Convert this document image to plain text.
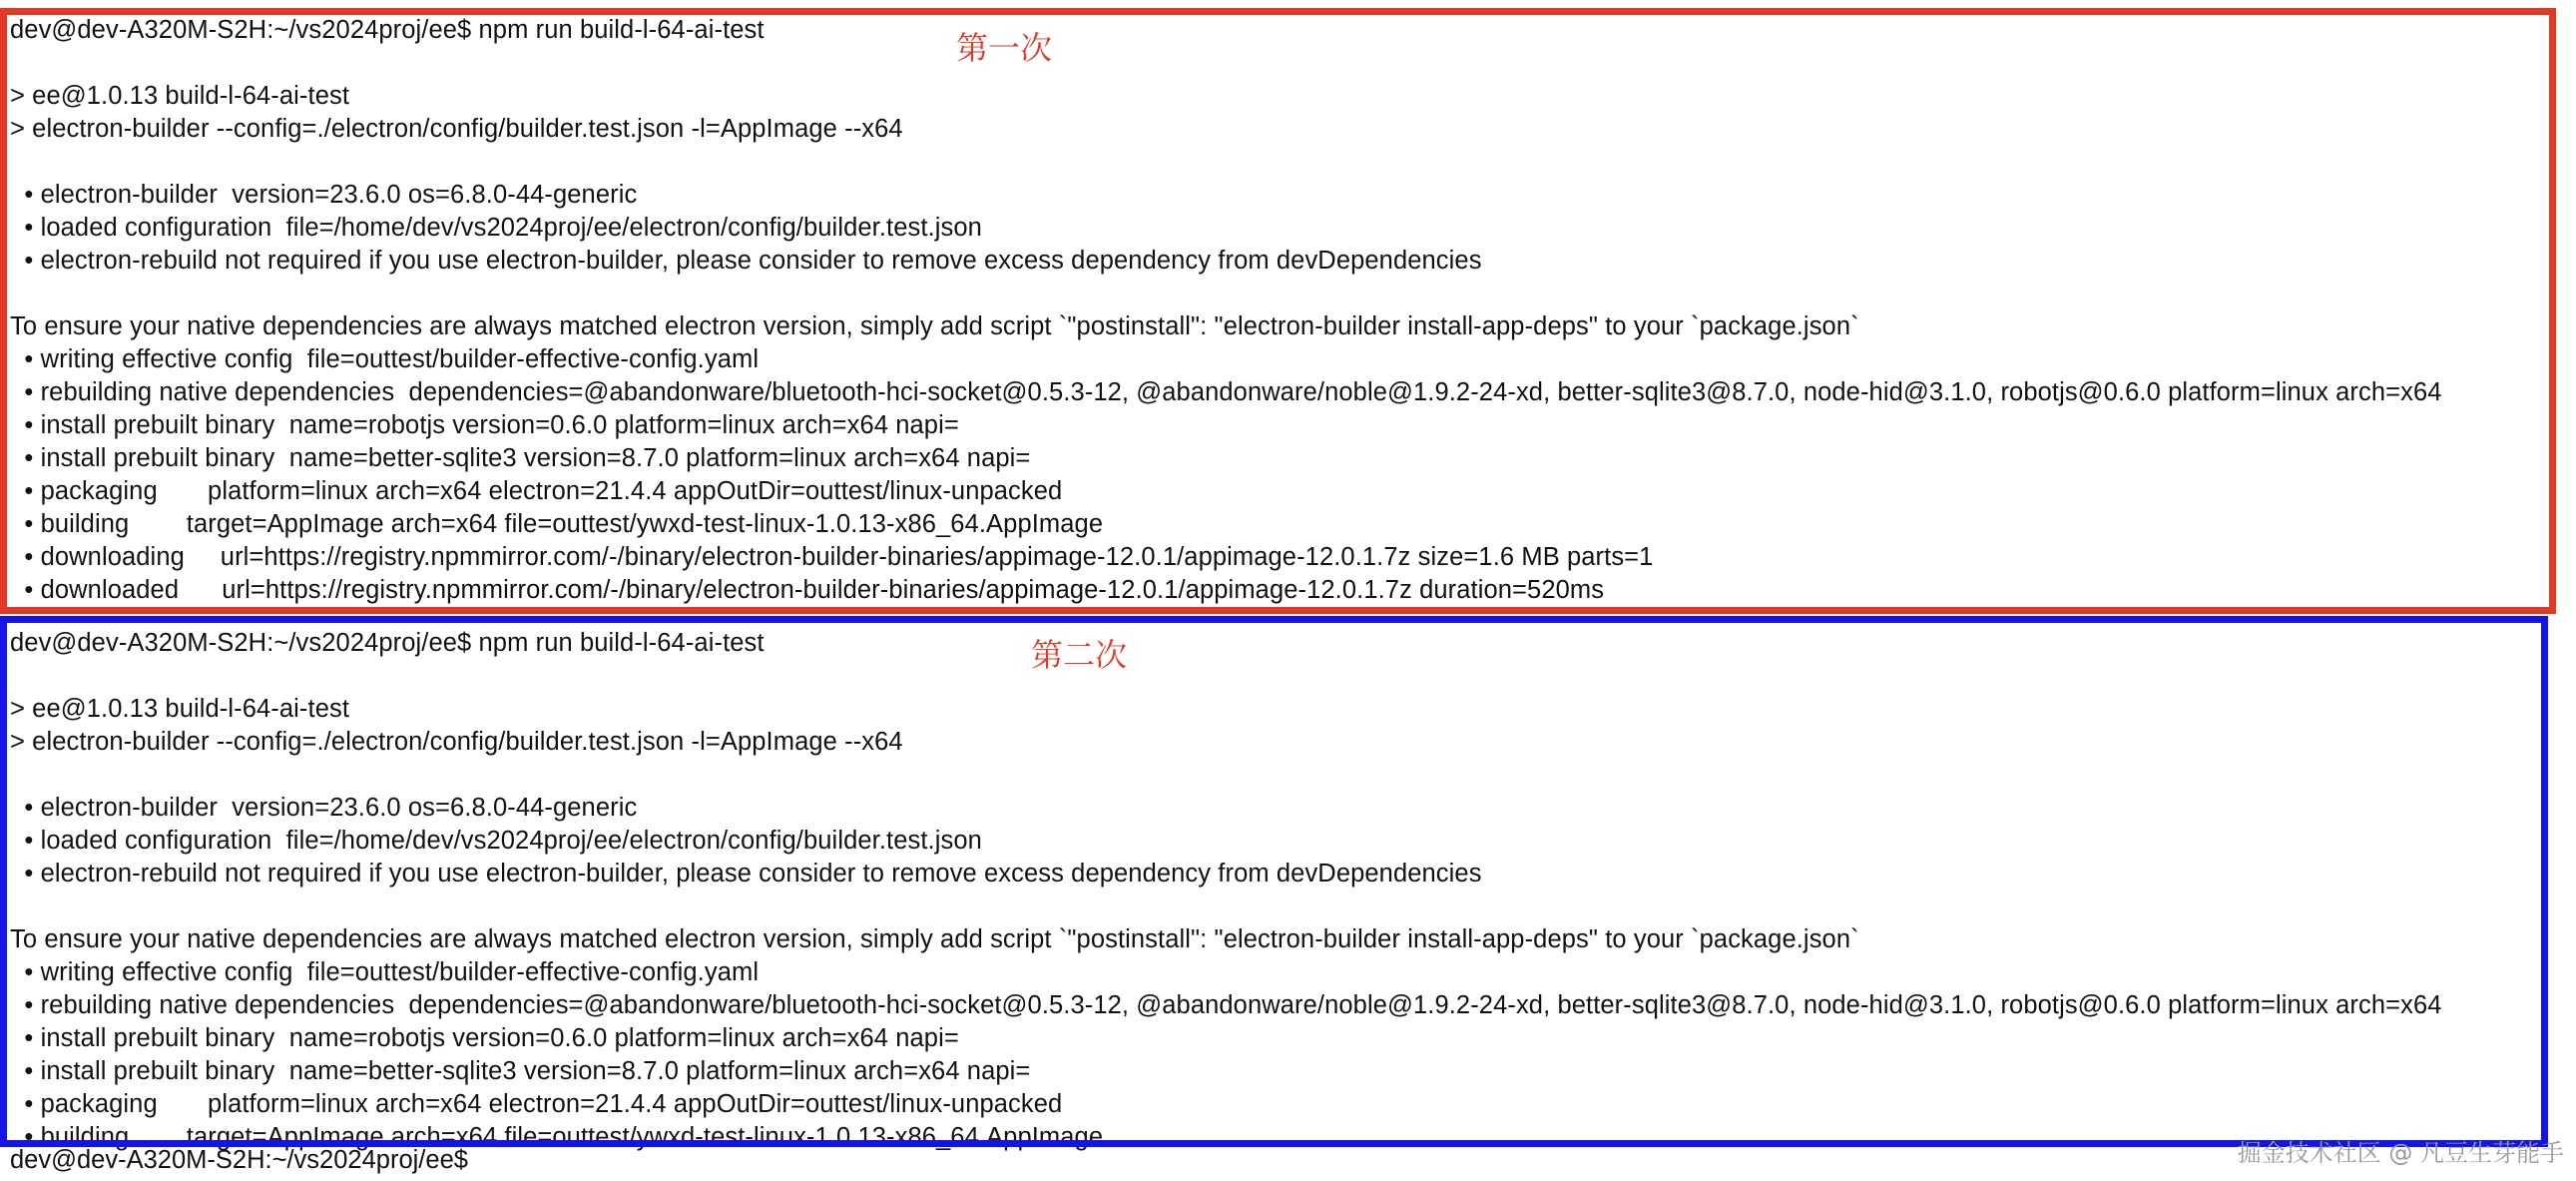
dev@dev-A320M-S2H:~/vs2024proj/ee$ npm run build-l-64-ai-test
> ee@1.0.13 build-l-64-ai-test
> electron-builder --config=./electron/config/builder.test.json -l=AppImage --x64
• electron-builder  version=23.6.0 os=6.8.0-44-generic
• loaded configuration  file=/home/dev/vs2024proj/ee/electron/config/builder.test.json
• electron-rebuild not required if you use electron-builder, please consider to remove excess dependency from devDependencies
To ensure your native dependencies are always matched electron version, simply add script `"postinstall": "electron-builder install-app-deps" to your `package.json`
• writing effective config  file=outtest/builder-effective-config.yaml
• rebuilding native dependencies  dependencies=@abandonware/bluetooth-hci-socket@0.5.3-12, @abandonware/noble@1.9.2-24-xd, better-sqlite3@8.7.0, node-hid@3.1.0, robotjs@0.6.0 platform=linux arch=x64
• install prebuilt binary  name=robotjs version=0.6.0 platform=linux arch=x64 napi=
• install prebuilt binary  name=better-sqlite3 version=8.7.0 platform=linux arch=x64 napi=
• packaging       platform=linux arch=x64 electron=21.4.4 appOutDir=outtest/linux-unpacked
• building        target=AppImage arch=x64 file=outtest/ywxd-test-linux-1.0.13-x86_64.AppImage
• downloading     url=https://registry.npmmirror.com/-/binary/electron-builder-binaries/appimage-12.0.1/appimage-12.0.1.7z size=1.6 MB parts=1
• downloaded      url=https://registry.npmmirror.com/-/binary/electron-builder-binaries/appimage-12.0.1/appimage-12.0.1.7z duration=520ms
第一次
dev@dev-A320M-S2H:~/vs2024proj/ee$ npm run build-l-64-ai-test
> ee@1.0.13 build-l-64-ai-test
> electron-builder --config=./electron/config/builder.test.json -l=AppImage --x64
• electron-builder  version=23.6.0 os=6.8.0-44-generic
• loaded configuration  file=/home/dev/vs2024proj/ee/electron/config/builder.test.json
• electron-rebuild not required if you use electron-builder, please consider to remove excess dependency from devDependencies
To ensure your native dependencies are always matched electron version, simply add script `"postinstall": "electron-builder install-app-deps" to your `package.json`
• writing effective config  file=outtest/builder-effective-config.yaml
• rebuilding native dependencies  dependencies=@abandonware/bluetooth-hci-socket@0.5.3-12, @abandonware/noble@1.9.2-24-xd, better-sqlite3@8.7.0, node-hid@3.1.0, robotjs@0.6.0 platform=linux arch=x64
• install prebuilt binary  name=robotjs version=0.6.0 platform=linux arch=x64 napi=
• install prebuilt binary  name=better-sqlite3 version=8.7.0 platform=linux arch=x64 napi=
• packaging       platform=linux arch=x64 electron=21.4.4 appOutDir=outtest/linux-unpacked
• building        target=AppImage arch=x64 file=outtest/ywxd-test-linux-1.0.13-x86_64.AppImage
第二次
dev@dev-A320M-S2H:~/vs2024proj/ee$	掘金技术社区 @ 凡豆生芽能手
